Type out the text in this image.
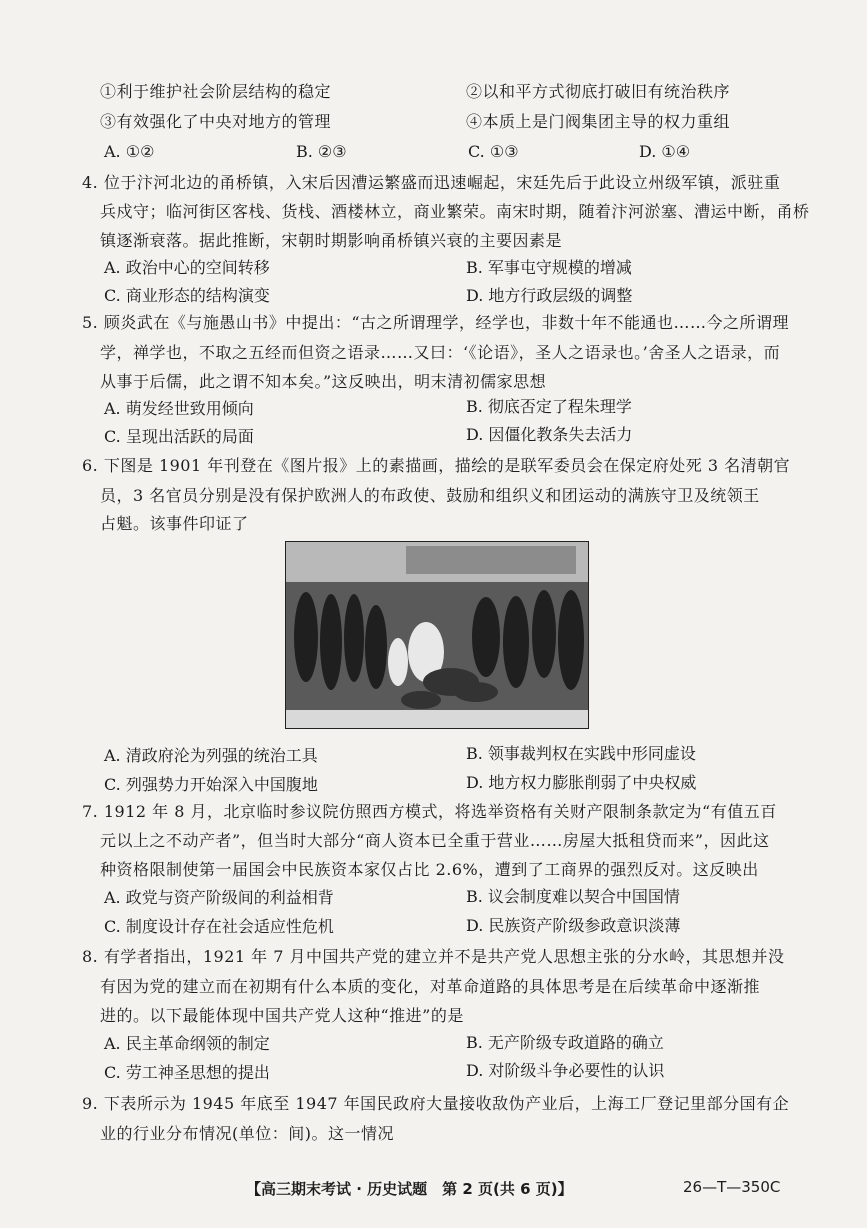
①利于维护社会阶层结构的稳定	②以和平方式彻底打破旧有统治秩序
③有效强化了中央对地方的管理	④本质上是门阀集团主导的权力重组
A. ①②	B. ②③	C. ①③	D. ①④
4. 位于汴河北边的甬桥镇，入宋后因漕运繁盛而迅速崛起，宋廷先后于此设立州级军镇，派驻重
兵戍守；临河街区客栈、货栈、酒楼林立，商业繁荣。南宋时期，随着汴河淤塞、漕运中断，甬桥
镇逐渐衰落。据此推断，宋朝时期影响甬桥镇兴衰的主要因素是
A. 政治中心的空间转移	B. 军事屯守规模的增减
C. 商业形态的结构演变	D. 地方行政层级的调整
5. 顾炎武在《与施愚山书》中提出：“古之所谓理学，经学也，非数十年不能通也……今之所谓理
学，禅学也，不取之五经而但资之语录……又曰：‘《论语》，圣人之语录也。’舍圣人之语录，而
从事于后儒，此之谓不知本矣。”这反映出，明末清初儒家思想
A. 萌发经世致用倾向	B. 彻底否定了程朱理学
C. 呈现出活跃的局面	D. 因僵化教条失去活力
6. 下图是 1901 年刊登在《图片报》上的素描画，描绘的是联军委员会在保定府处死 3 名清朝官
员，3 名官员分别是没有保护欧洲人的布政使、鼓励和组织义和团运动的满族守卫及统领王
占魁。该事件印证了
A. 清政府沦为列强的统治工具	B. 领事裁判权在实践中形同虚设
C. 列强势力开始深入中国腹地	D. 地方权力膨胀削弱了中央权威
7. 1912 年 8 月，北京临时参议院仿照西方模式，将选举资格有关财产限制条款定为“有值五百
元以上之不动产者”，但当时大部分“商人资本已全重于营业……房屋大抵租贷而来”，因此这
种资格限制使第一届国会中民族资本家仅占比 2.6%，遭到了工商界的强烈反对。这反映出
A. 政党与资产阶级间的利益相背	B. 议会制度难以契合中国国情
C. 制度设计存在社会适应性危机	D. 民族资产阶级参政意识淡薄
8. 有学者指出，1921 年 7 月中国共产党的建立并不是共产党人思想主张的分水岭，其思想并没
有因为党的建立而在初期有什么本质的变化，对革命道路的具体思考是在后续革命中逐渐推
进的。以下最能体现中国共产党人这种“推进”的是
A. 民主革命纲领的制定	B. 无产阶级专政道路的确立
C. 劳工神圣思想的提出	D. 对阶级斗争必要性的认识
9. 下表所示为 1945 年底至 1947 年国民政府大量接收敌伪产业后，上海工厂登记里部分国有企
业的行业分布情况(单位：间)。这一情况
【高三期末考试 · 历史试题　第 2 页(共 6 页)】	26—T—350C
